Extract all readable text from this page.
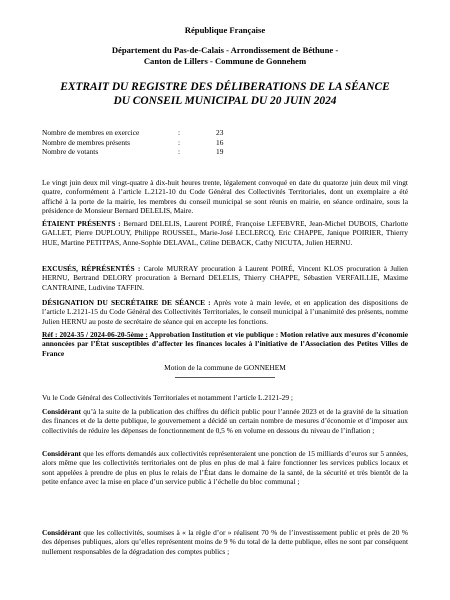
République Française
Département du Pas-de-Calais - Arrondissement de Béthune -
Canton de Lillers - Commune de Gonnehem
EXTRAIT DU REGISTRE DES DÉLIBERATIONS DE LA SÉANCE
DU CONSEIL MUNICIPAL DU 20 JUIN 2024
Nombre de membres en exercice	:	23
Nombre de membres présents	:	16
Nombre de votants	:	19
Le vingt juin deux mil vingt-quatre à dix-huit heures trente, légalement convoqué en date du quatorze juin deux mil vingt quatre, conformément à l’article L.2121-10 du Code Général des Collectivités Territoriales, dont un exemplaire a été affiché à la porte de la mairie, les membres du conseil municipal se sont réunis en mairie, en séance ordinaire, sous la présidence de Monsieur Bernard DELELIS, Maire.
ÉTAIENT PRÉSENTS : Bernard DELELIS, Laurent POIRÉ, Françoise LEFEBVRE, Jean-Michel DUBOIS, Charlotte GALLET, Pierre DUPLOUY, Philippe ROUSSEL, Marie-José LECLERCQ, Eric CHAPPE, Janique POIRIER, Thierry HUE, Martine PETITPAS, Anne-Sophie DELAVAL, Céline DEBACK, Cathy NICUTA, Julien HERNU.
EXCUSÉS, RÉPRÉSENTÉS : Carole MURRAY procuration à Laurent POIRÉ, Vincent KLOS procuration à Julien HERNU, Bertrand DELORY procuration à Bernard DELELIS, Thierry CHAPPE, Sébastien VERFAILLIE, Maxime CANTRAINE, Ludivine TAFFIN.
DÉSIGNATION DU SECRÉTAIRE DE SÉANCE : Après vote à main levée, et en application des dispositions de l’article L.2121-15 du Code Général des Collectivités Territoriales, le conseil municipal à l’unanimité des présents, nomme Julien HERNU au poste de secrétaire de séance qui en accepte les fonctions.
Réf : 2024-35 / 2024-06-20-5ème : Approbation Institution et vie publique : Motion relative aux mesures d’économie annoncées par l’État susceptibles d’affecter les finances locales à l’initiative de l’Association des Petites Villes de France
Motion de la commune de GONNEHEM
Vu le Code Général des Collectivités Territoriales et notamment l’article L.2121-29 ;
Considérant qu’à la suite de la publication des chiffres du déficit public pour l’année 2023 et de la gravité de la situation des finances et de la dette publique, le gouvernement a décidé un certain nombre de mesures d’économie et d’imposer aux collectivités de réduire les dépenses de fonctionnement de 0,5 % en volume en dessous du niveau de l’inflation ;
Considérant que les efforts demandés aux collectivités représenteraient une ponction de 15 milliards d’euros sur 5 années, alors même que les collectivités territoriales ont de plus en plus de mal à faire fonctionner les services publics locaux et sont appelées à prendre de plus en plus le relais de l’État dans le domaine de la santé, de la sécurité et très bientôt de la petite enfance avec la mise en place d’un service public à l’échelle du bloc communal ;
Considérant que les collectivités, soumises à « la règle d’or » réalisent 70 % de l’investissement public et près de 20 % des dépenses publiques, alors qu’elles représentent moins de 9 % du total de la dette publique, elles ne sont par conséquent nullement responsables de la dégradation des comptes publics ;
